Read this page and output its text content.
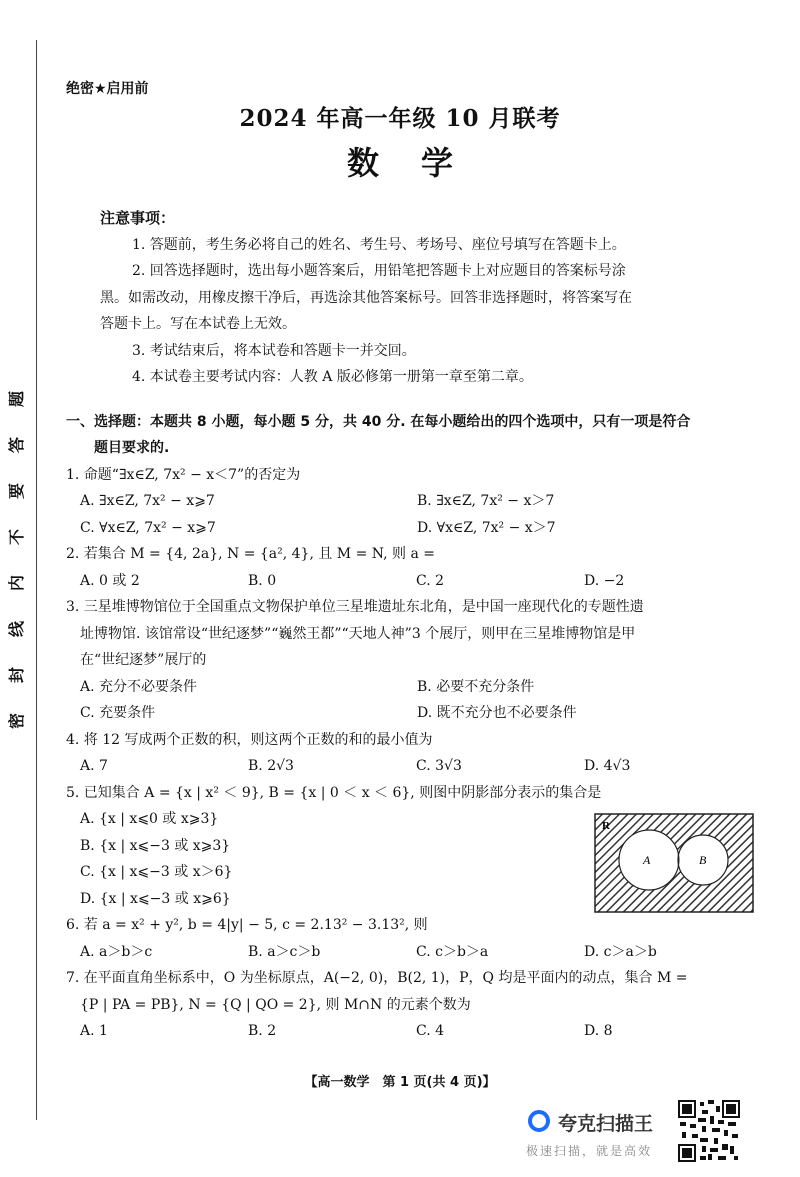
题
答
要
不
内
线
封
密
绝密★启用前
2024 年高一年级 10 月联考
数学
注意事项：
1. 答题前，考生务必将自己的姓名、考生号、考场号、座位号填写在答题卡上。
2. 回答选择题时，选出每小题答案后，用铅笔把答题卡上对应题目的答案标号涂
黑。如需改动，用橡皮擦干净后，再选涂其他答案标号。回答非选择题时，将答案写在
答题卡上。写在本试卷上无效。
3. 考试结束后，将本试卷和答题卡一并交回。
4. 本试卷主要考试内容：人教 A 版必修第一册第一章至第二章。
一、选择题：本题共 8 小题，每小题 5 分，共 40 分. 在每小题给出的四个选项中，只有一项是符合
题目要求的.
1. 命题“∃x∈Z, 7x² − x＜7”的否定为
A. ∃x∈Z, 7x² − x⩾7	B. ∃x∈Z, 7x² − x＞7
C. ∀x∈Z, 7x² − x⩾7	D. ∀x∈Z, 7x² − x＞7
2. 若集合 M = {4, 2a}, N = {a², 4}, 且 M = N, 则 a =
A. 0 或 2	B. 0	C. 2	D. −2
3. 三星堆博物馆位于全国重点文物保护单位三星堆遗址东北角，是中国一座现代化的专题性遗
址博物馆. 该馆常设“世纪逐梦”“巍然王都”“天地人神”3 个展厅，则甲在三星堆博物馆是甲
在“世纪逐梦”展厅的
A. 充分不必要条件	B. 必要不充分条件
C. 充要条件	D. 既不充分也不必要条件
4. 将 12 写成两个正数的积，则这两个正数的和的最小值为
A. 7	B. 2√3	C. 3√3	D. 4√3
5. 已知集合 A = {x | x² ＜ 9}, B = {x | 0 ＜ x ＜ 6}, 则图中阴影部分表示的集合是
A. {x | x⩽0 或 x⩾3}
B. {x | x⩽−3 或 x⩾3}
C. {x | x⩽−3 或 x＞6}
D. {x | x⩽−3 或 x⩾6}
6. 若 a = x² + y², b = 4|y| − 5, c = 2.13² − 3.13², 则
A. a＞b＞c	B. a＞c＞b	C. c＞b＞a	D. c＞a＞b
7. 在平面直角坐标系中，O 为坐标原点，A(−2, 0)，B(2, 1)，P，Q 均是平面内的动点，集合 M =
{P | PA = PB}, N = {Q | QO = 2}, 则 M∩N 的元素个数为
A. 1	B. 2	C. 4	D. 8
R
A	B
【高一数学　第 1 页(共 4 页)】
夸克扫描王
极速扫描，就是高效
